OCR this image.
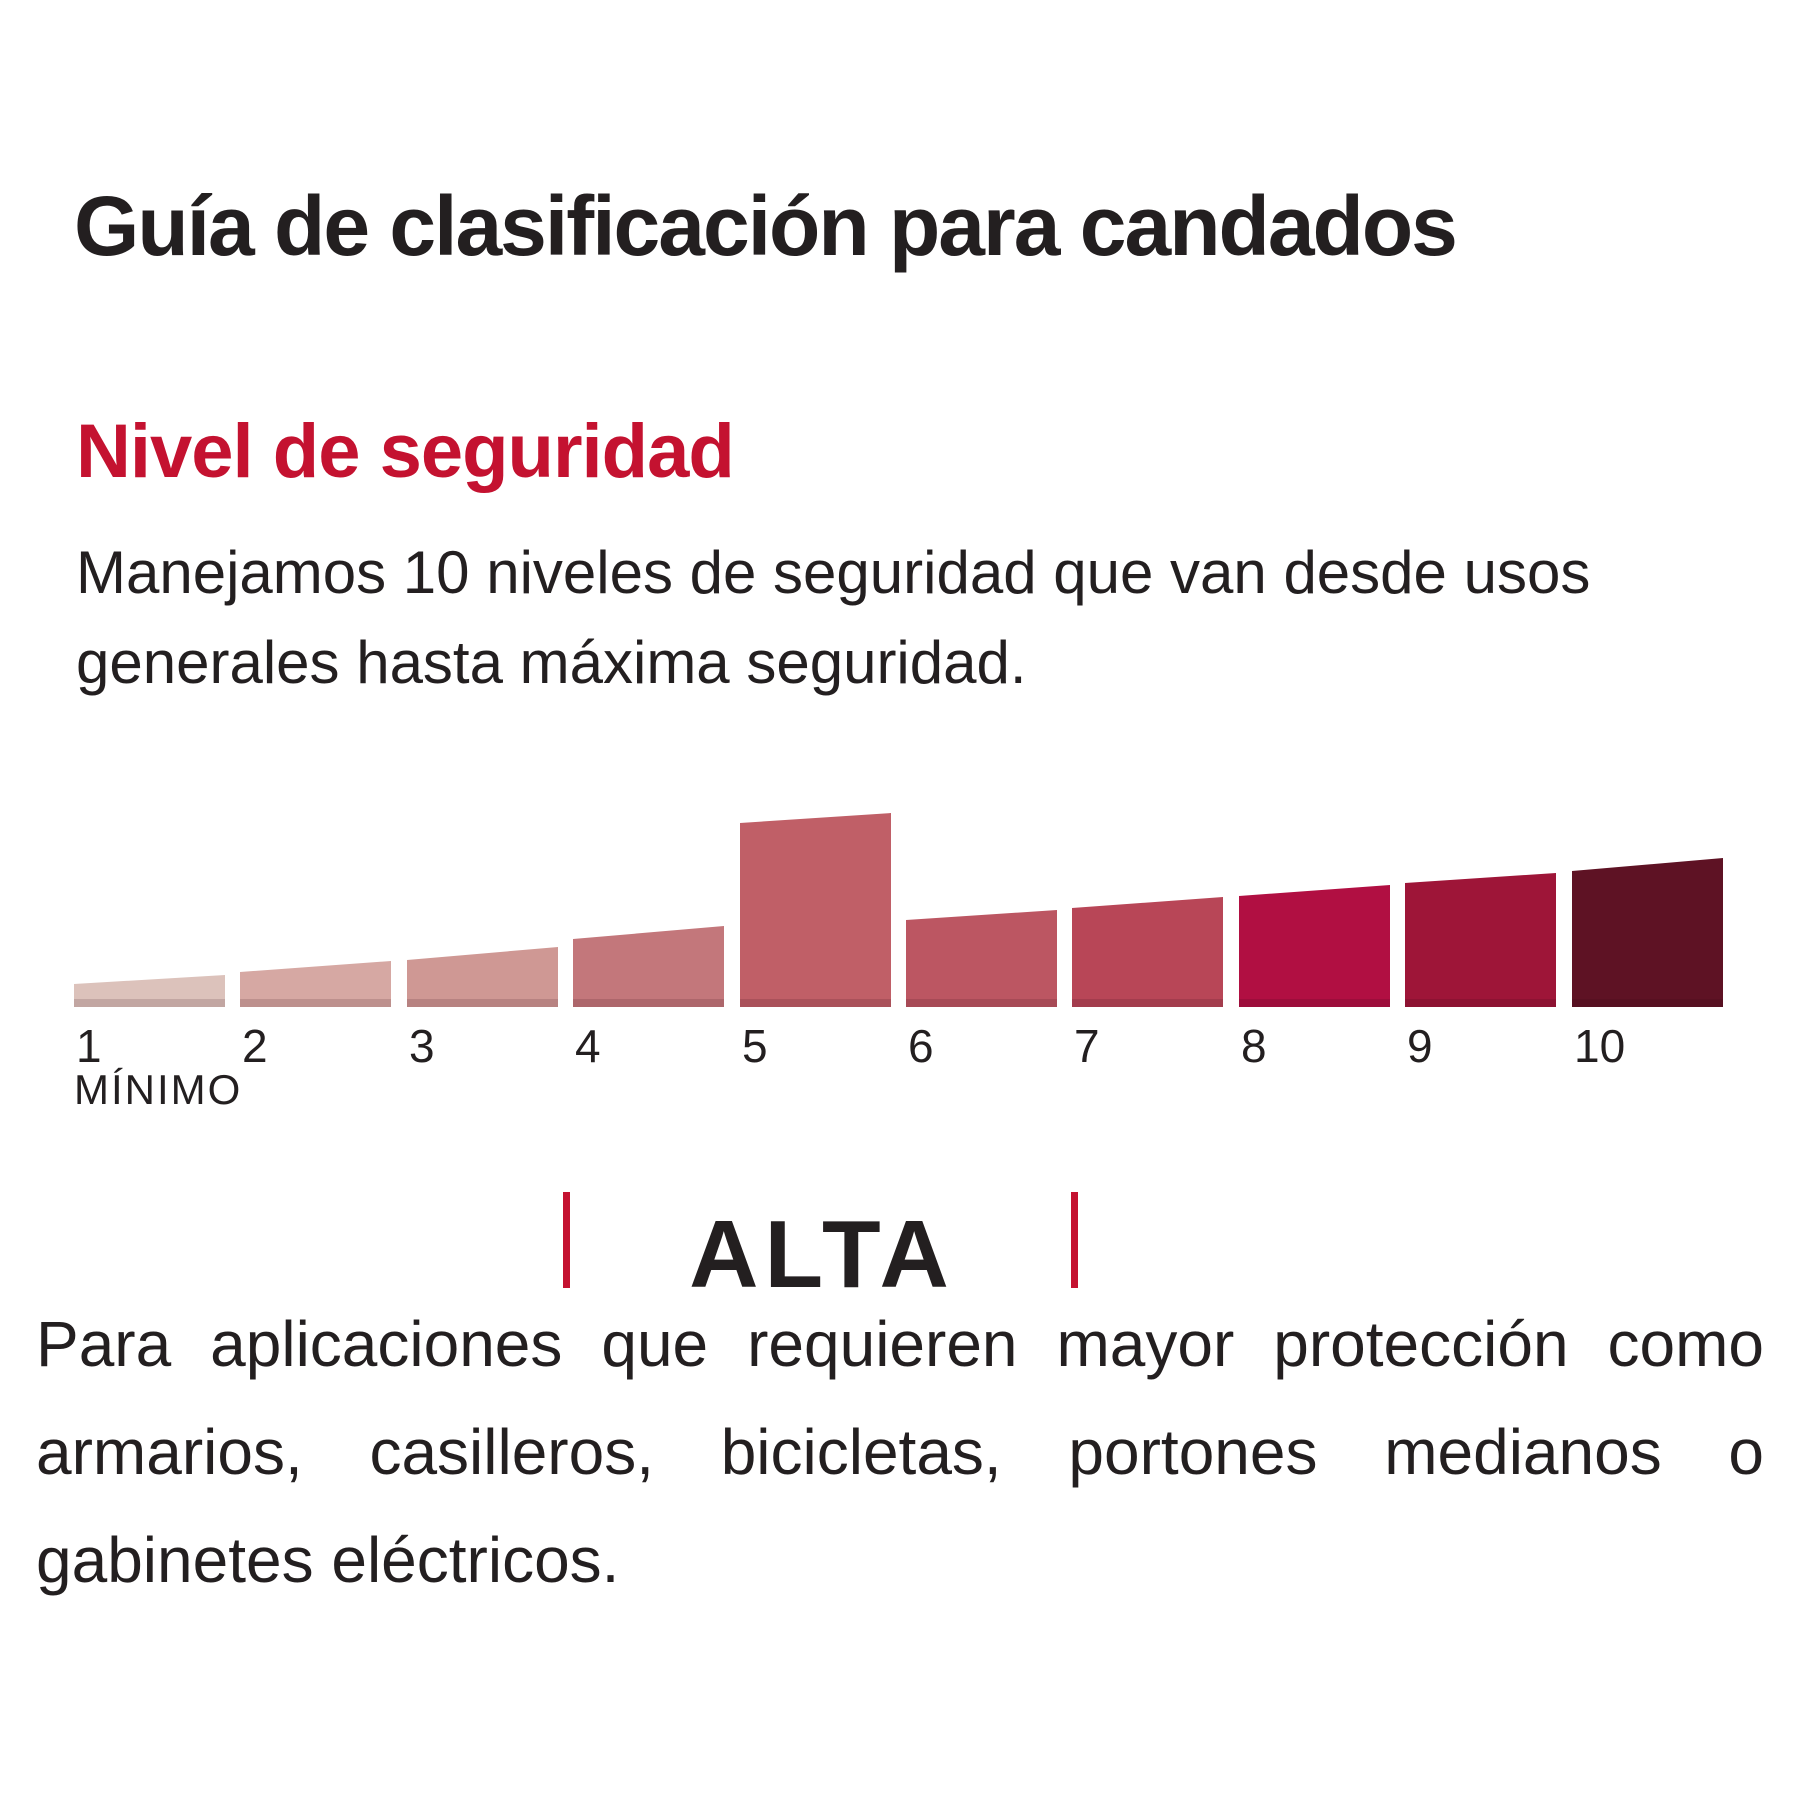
Guía de clasificación para candados
Nivel de seguridad
Manejamos 10 niveles de seguridad que van desde usos
generales hasta máxima seguridad.
1	2	3	4	5	6	7	8	9	10
MÍNIMO
ALTA
Para aplicaciones que requieren mayor protección como
armarios, casilleros, bicicletas, portones medianos o
gabinetes eléctricos.
